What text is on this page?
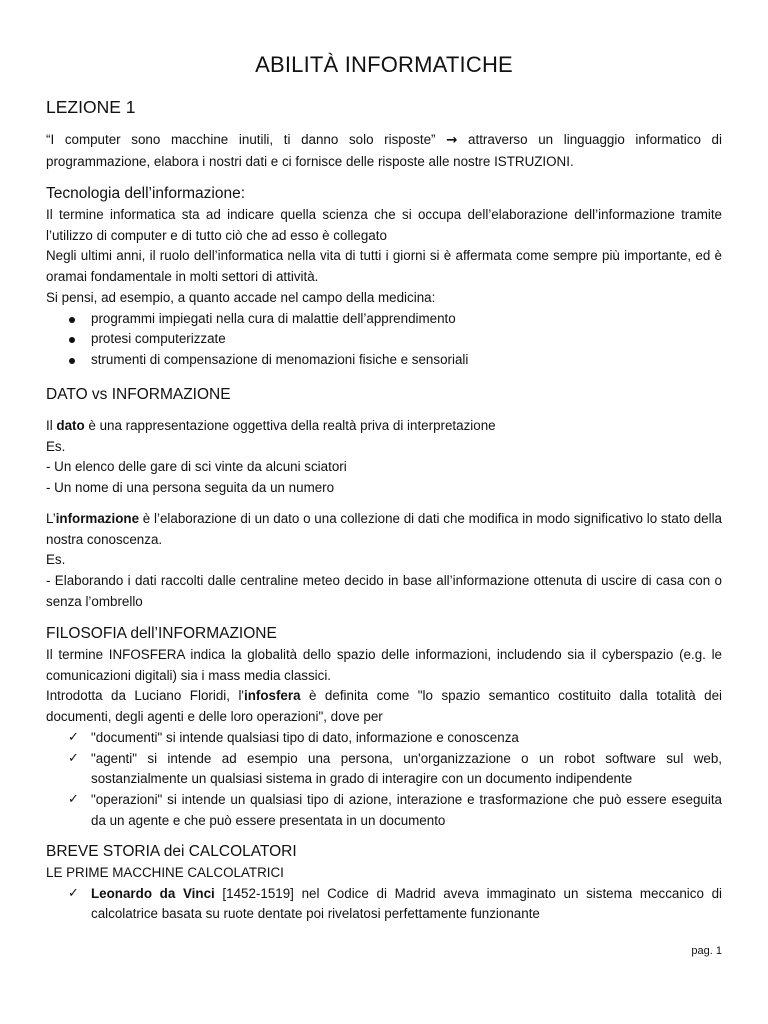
ABILITÀ INFORMATICHE
LEZIONE 1

“I computer sono macchine inutili, ti danno solo risposte” → attraverso un linguaggio informatico di programmazione, elabora i nostri dati e ci fornisce delle risposte alle nostre ISTRUZIONI.

Tecnologia dell’informazione:

Il termine informatica sta ad indicare quella scienza che si occupa dell’elaborazione dell’informazione tramite l’utilizzo di computer e di tutto ciò che ad esso è collegato

Negli ultimi anni, il ruolo dell’informatica nella vita di tutti i giorni si è affermata come sempre più importante, ed è oramai fondamentale in molti settori di attività.

Si pensi, ad esempio, a quanto accade nel campo della medicina:

programmi impiegati nella cura di malattie dell’apprendimento
protesi computerizzate
strumenti di compensazione di menomazioni fisiche e sensoriali
DATO vs INFORMAZIONE

Il dato è una rappresentazione oggettiva della realtà priva di interpretazione

Es.

- Un elenco delle gare di sci vinte da alcuni sciatori

- Un nome di una persona seguita da un numero

L’informazione è l’elaborazione di un dato o una collezione di dati che modifica in modo significativo lo stato della nostra conoscenza.

Es.

- Elaborando i dati raccolti dalle centraline meteo decido in base all’informazione ottenuta di uscire di casa con o senza l’ombrello

FILOSOFIA dell’INFORMAZIONE

Il termine INFOSFERA indica la globalità dello spazio delle informazioni, includendo sia il cyberspazio (e.g. le comunicazioni digitali) sia i mass media classici.

Introdotta da Luciano Floridi, l'infosfera è definita come "lo spazio semantico costituito dalla totalità dei documenti, degli agenti e delle loro operazioni", dove per

✓ "documenti" si intende qualsiasi tipo di dato, informazione e conoscenza
✓ "agenti" si intende ad esempio una persona, un'organizzazione o un robot software sul web, sostanzialmente un qualsiasi sistema in grado di interagire con un documento indipendente
✓ "operazioni" si intende un qualsiasi tipo di azione, interazione e trasformazione che può essere eseguita da un agente e che può essere presentata in un documento
BREVE STORIA dei CALCOLATORI

LE PRIME MACCHINE CALCOLATRICI

✓ Leonardo da Vinci [1452-1519] nel Codice di Madrid aveva immaginato un sistema meccanico di calcolatrice basata su ruote dentate poi rivelatosi perfettamente funzionante
pag. 1
